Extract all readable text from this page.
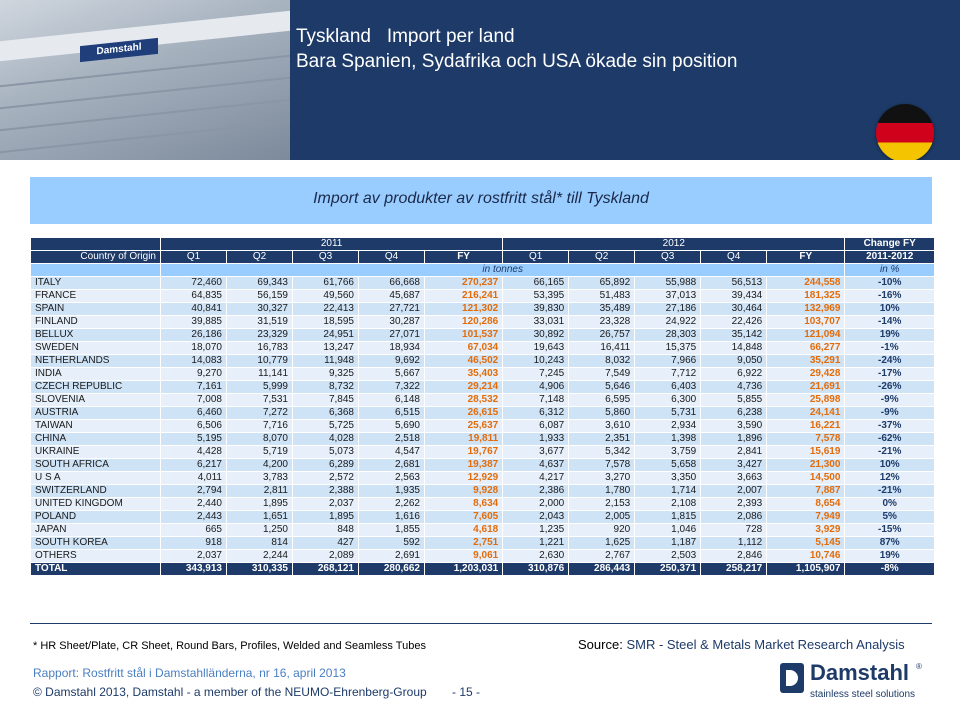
Damstahl
Tyskland   Import per land
Bara Spanien, Sydafrika och USA ökade sin position
Import av produkter av rostfritt stål* till Tyskland
	2011					2012					Change FY
Country of Origin	Q1	Q2	Q3	Q4	FY	Q1	Q2	Q3	Q4	FY	2011-2012
	in tonnes										in %
ITALY	72,460	69,343	61,766	66,668	270,237	66,165	65,892	55,988	56,513	244,558	-10%
FRANCE	64,835	56,159	49,560	45,687	216,241	53,395	51,483	37,013	39,434	181,325	-16%
SPAIN	40,841	30,327	22,413	27,721	121,302	39,830	35,489	27,186	30,464	132,969	10%
FINLAND	39,885	31,519	18,595	30,287	120,286	33,031	23,328	24,922	22,426	103,707	-14%
BELLUX	26,186	23,329	24,951	27,071	101,537	30,892	26,757	28,303	35,142	121,094	19%
SWEDEN	18,070	16,783	13,247	18,934	67,034	19,643	16,411	15,375	14,848	66,277	-1%
NETHERLANDS	14,083	10,779	11,948	9,692	46,502	10,243	8,032	7,966	9,050	35,291	-24%
INDIA	9,270	11,141	9,325	5,667	35,403	7,245	7,549	7,712	6,922	29,428	-17%
CZECH REPUBLIC	7,161	5,999	8,732	7,322	29,214	4,906	5,646	6,403	4,736	21,691	-26%
SLOVENIA	7,008	7,531	7,845	6,148	28,532	7,148	6,595	6,300	5,855	25,898	-9%
AUSTRIA	6,460	7,272	6,368	6,515	26,615	6,312	5,860	5,731	6,238	24,141	-9%
TAIWAN	6,506	7,716	5,725	5,690	25,637	6,087	3,610	2,934	3,590	16,221	-37%
CHINA	5,195	8,070	4,028	2,518	19,811	1,933	2,351	1,398	1,896	7,578	-62%
UKRAINE	4,428	5,719	5,073	4,547	19,767	3,677	5,342	3,759	2,841	15,619	-21%
SOUTH AFRICA	6,217	4,200	6,289	2,681	19,387	4,637	7,578	5,658	3,427	21,300	10%
U S A	4,011	3,783	2,572	2,563	12,929	4,217	3,270	3,350	3,663	14,500	12%
SWITZERLAND	2,794	2,811	2,388	1,935	9,928	2,386	1,780	1,714	2,007	7,887	-21%
UNITED KINGDOM	2,440	1,895	2,037	2,262	8,634	2,000	2,153	2,108	2,393	8,654	0%
POLAND	2,443	1,651	1,895	1,616	7,605	2,043	2,005	1,815	2,086	7,949	5%
JAPAN	665	1,250	848	1,855	4,618	1,235	920	1,046	728	3,929	-15%
SOUTH KOREA	918	814	427	592	2,751	1,221	1,625	1,187	1,112	5,145	87%
OTHERS	2,037	2,244	2,089	2,691	9,061	2,630	2,767	2,503	2,846	10,746	19%
TOTAL	343,913	310,335	268,121	280,662	1,203,031	310,876	286,443	250,371	258,217	1,105,907	-8%
* HR Sheet/Plate, CR Sheet, Round Bars, Profiles, Welded and Seamless Tubes	Source: SMR - Steel & Metals Market Research Analysis
Rapport: Rostfritt stål i Damstahlländerna, nr 16, april 2013
© Damstahl 2013, Damstahl - a member of the NEUMO-Ehrenberg-Group - 15 -
Damstahl ®
stainless steel solutions
